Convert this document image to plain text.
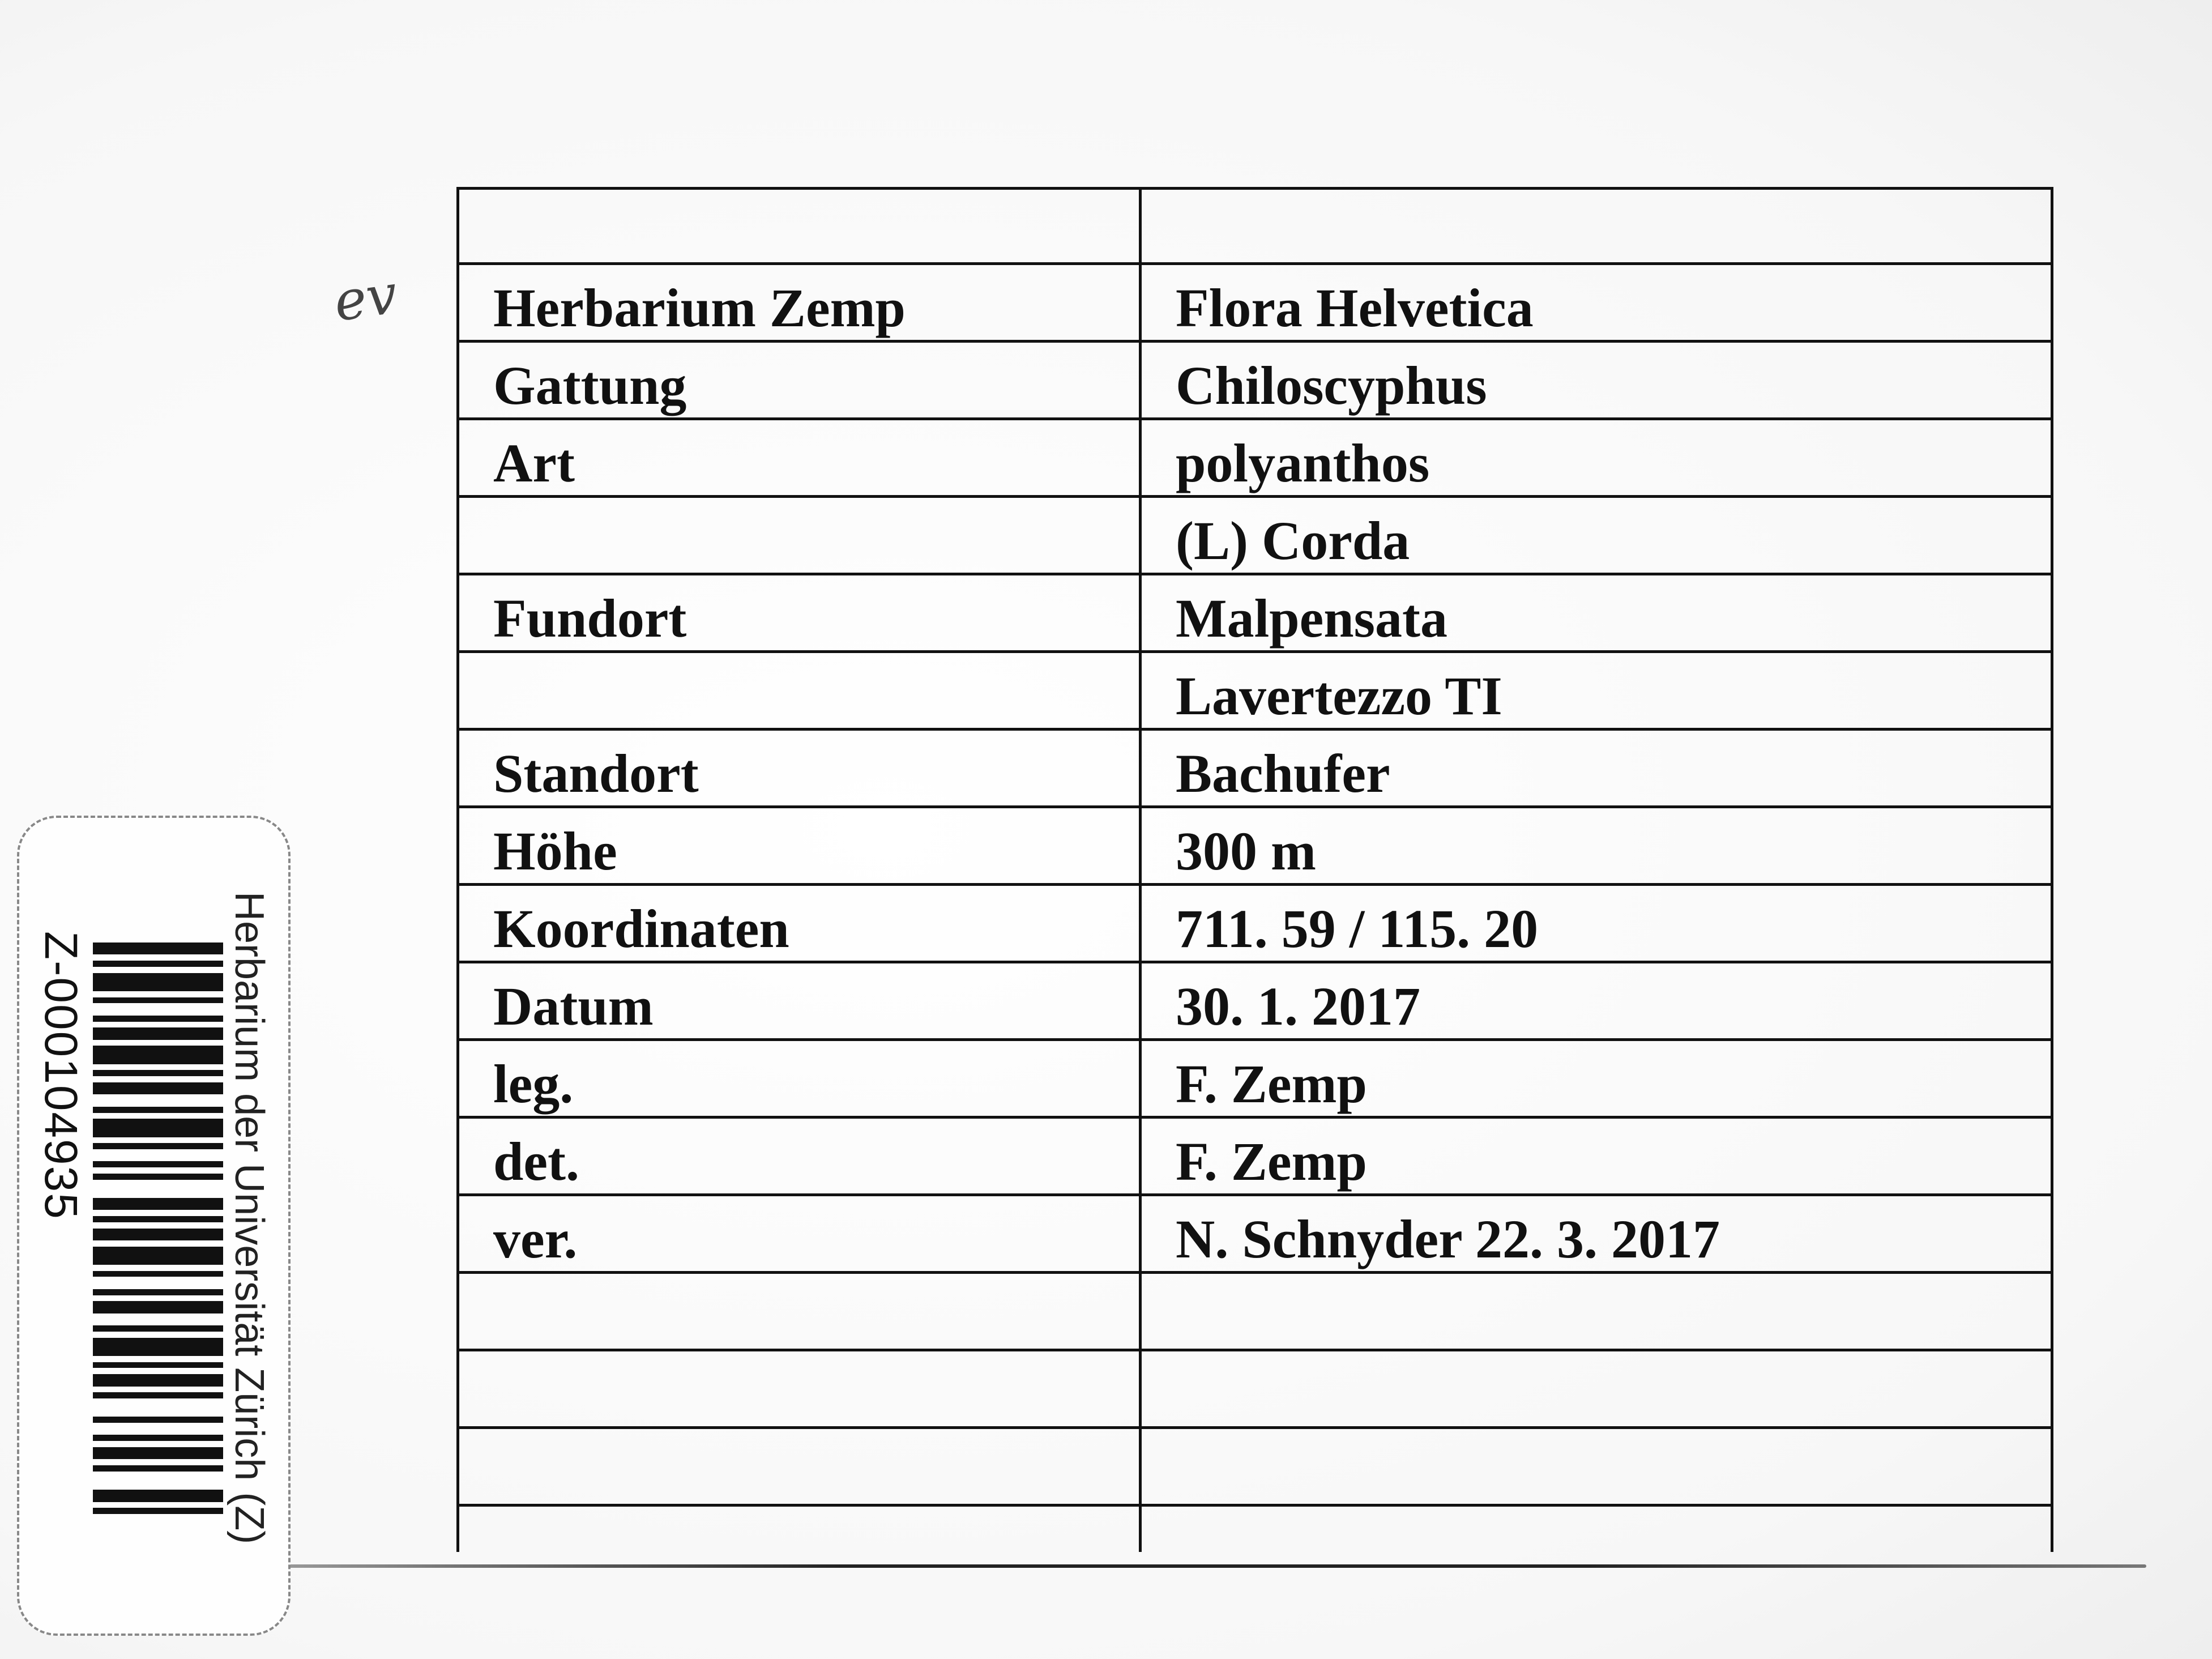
ev
	Herbarium Zemp	Flora Helvetica
Gattung	Chiloscyphus
Art	polyanthos
	(L) Corda
Fundort	Malpensata
	Lavertezzo TI
Standort	Bachufer
Höhe	300 m
Koordinaten	711. 59 / 115. 20
Datum	30. 1. 2017
leg.	F. Zemp
det.	F. Zemp
ver.	N. Schnyder 22. 3. 2017

Herbarium der Universität Zürich (Z)
Z-000104935
